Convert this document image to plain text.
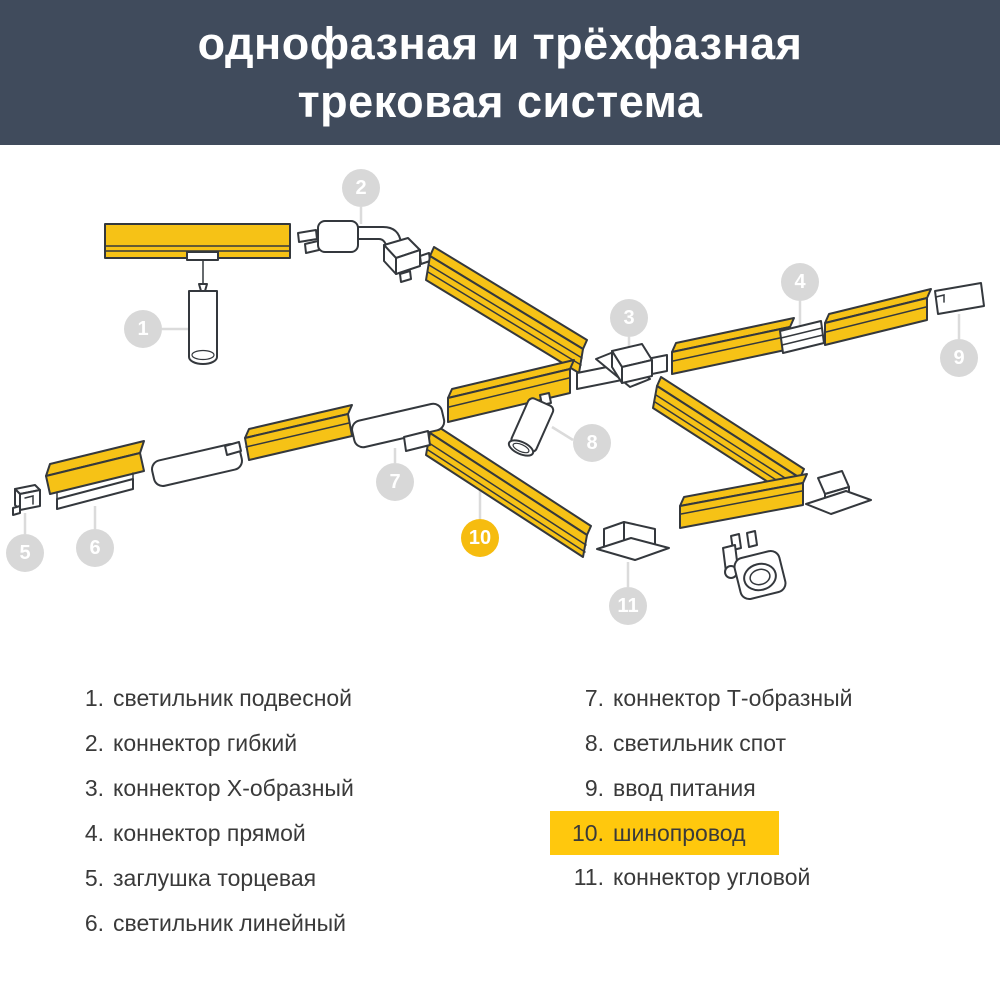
однофазная и трёхфазная
трековая система
1
2
3
4
5	6
7
8
9
10
11
1. светильник подвесной
2. коннектор гибкий
3. коннектор Х-образный
4. коннектор прямой
5. заглушка торцевая
6. светильник линейный
7. коннектор Т-образный
8. светильник спот
9. ввод питания
10. шинопровод
11. коннектор угловой
